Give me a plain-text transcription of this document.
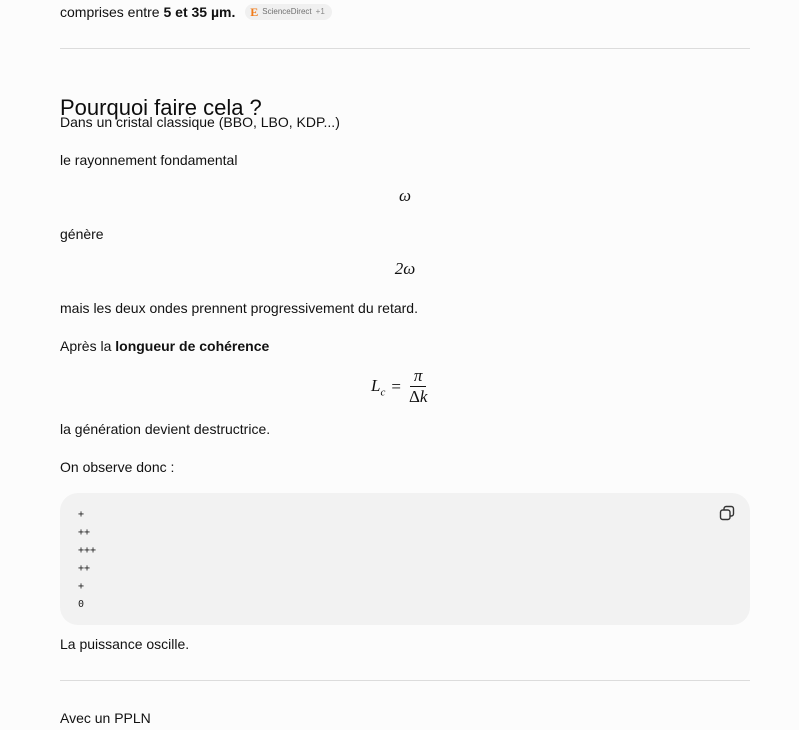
comprises entre 5 et 35 µm. E ScienceDirect +1
Pourquoi faire cela ?
Dans un cristal classique (BBO, LBO, KDP...)
le rayonnement fondamental
ω
génère
2ω
mais les deux ondes prennent progressivement du retard.
Après la longueur de cohérence
$L_c = \frac{\pi}{\Delta k}$
la génération devient destructrice.
On observe donc :
+
++
+++
++
+
0
La puissance oscille.
Avec un PPLN
